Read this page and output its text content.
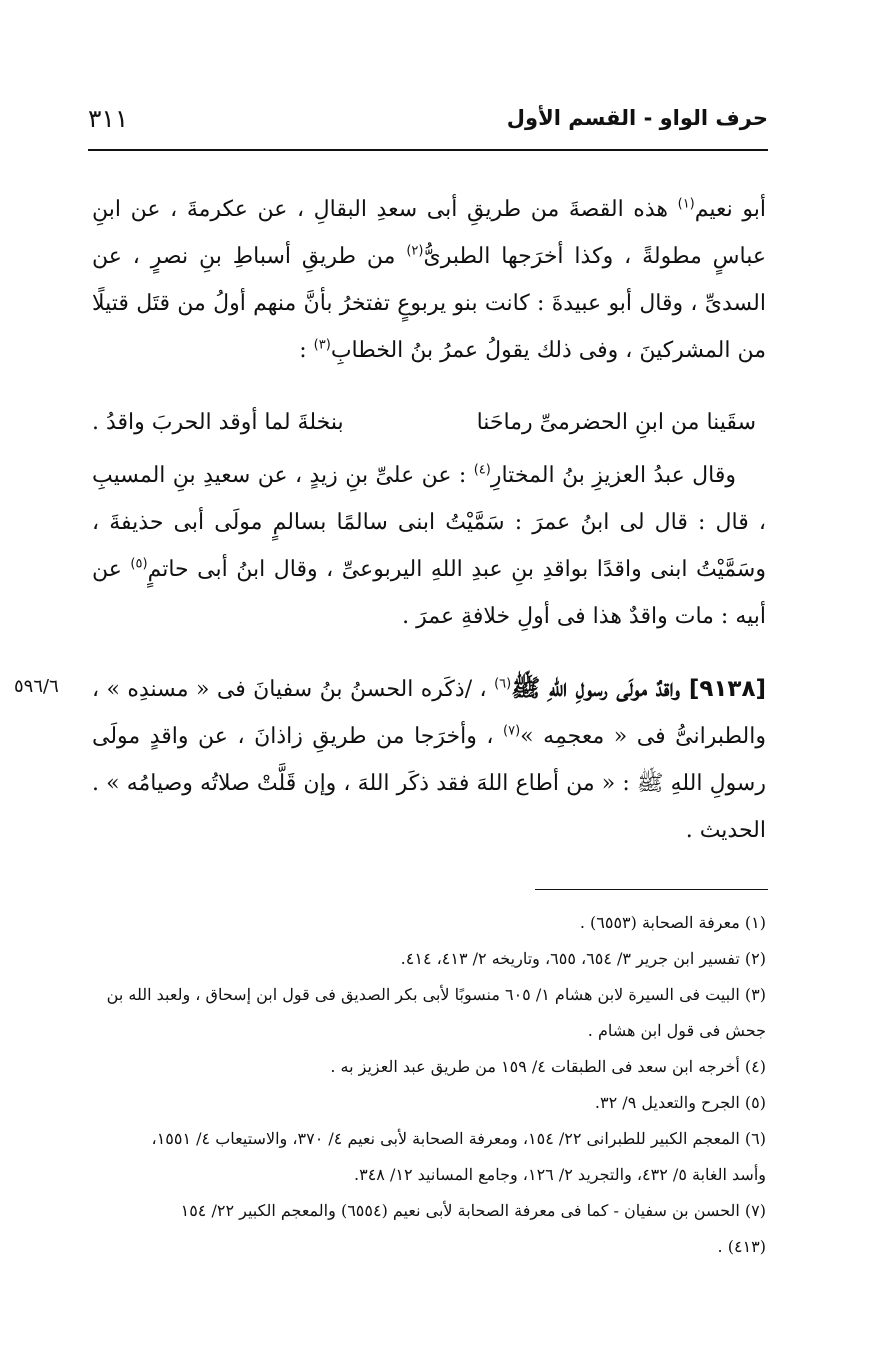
٣١١	حرف الواو - القسم الأول

أبو نعيم$^{(١)}$ هذه القصةَ من طريقِ أبى سعدِ البقالِ ، عن عكرمةَ ، عن ابنِ عباسٍ مطولةً ، وكذا أخرَجها الطبرىُّ$^{(٢)}$ من طريقِ أسباطِ بنِ نصرٍ ، عن السدىِّ ، وقال أبو عبيدةَ : كانت بنو يربوعٍ تفتخرُ بأنَّ منهم أولُ من قتَل قتيلًا من المشركينَ ، وفى ذلك يقولُ عمرُ بنُ الخطابِ$^{(٣)}$ :

سقَينا من ابنِ الحضرمىِّ رماحَنا
بنخلةَ لما أوقد الحربَ واقدُ .

وقال عبدُ العزيزِ بنُ المختارِ$^{(٤)}$ : عن علىِّ بنِ زيدٍ ، عن سعيدِ بنِ المسيبِ ، قال : قال لى ابنُ عمرَ : سَمَّيْتُ ابنى سالمًا بسالمٍ مولَى أبى حذيفةَ ، وسَمَّيْتُ ابنى واقدًا بواقدِ بنِ عبدِ اللهِ اليربوعىِّ ، وقال ابنُ أبى حاتمٍ$^{(٥)}$ عن أبيه : مات واقدٌ هذا فى أولِ خلافةِ عمرَ .

[٩١٣٨] واقدٌ مولَى رسولِ اللهِ ﷺ$^{(٦)}$ ، /ذكَره الحسنُ بنُ سفيانَ فى « مسندِه » ، والطبرانىُّ فى « معجمِه »$^{(٧)}$ ، وأخرَجا من طريقِ زاذانَ ، عن واقدٍ مولَى رسولِ اللهِ ﷺ : « من أطاع اللهَ فقد ذكَر اللهَ ، وإن قَلَّتْ صلاتُه وصيامُه » . الحديث .

٥٩٦/٦
(١) معرفة الصحابة (٦٥٥٣) .
(٢) تفسير ابن جرير ٣/ ٦٥٤، ٦٥٥، وتاريخه ٢/ ٤١٣، ٤١٤.
(٣) البيت فى السيرة لابن هشام ١/ ٦٠٥ منسوبًا لأبى بكر الصديق فى قول ابن إسحاق ، ولعبد الله بن
جحش فى قول ابن هشام .
(٤) أخرجه ابن سعد فى الطبقات ٤/ ١٥٩ من طريق عبد العزيز به .
(٥) الجرح والتعديل ٩/ ٣٢.
(٦) المعجم الكبير للطبرانى ٢٢/ ١٥٤، ومعرفة الصحابة لأبى نعيم ٤/ ٣٧٠، والاستيعاب ٤/ ١٥٥١،
وأسد الغابة ٥/ ٤٣٢، والتجريد ٢/ ١٢٦، وجامع المسانيد ١٢/ ٣٤٨.
(٧) الحسن بن سفيان - كما فى معرفة الصحابة لأبى نعيم (٦٥٥٤) والمعجم الكبير ٢٢/ ١٥٤
(٤١٣) .
